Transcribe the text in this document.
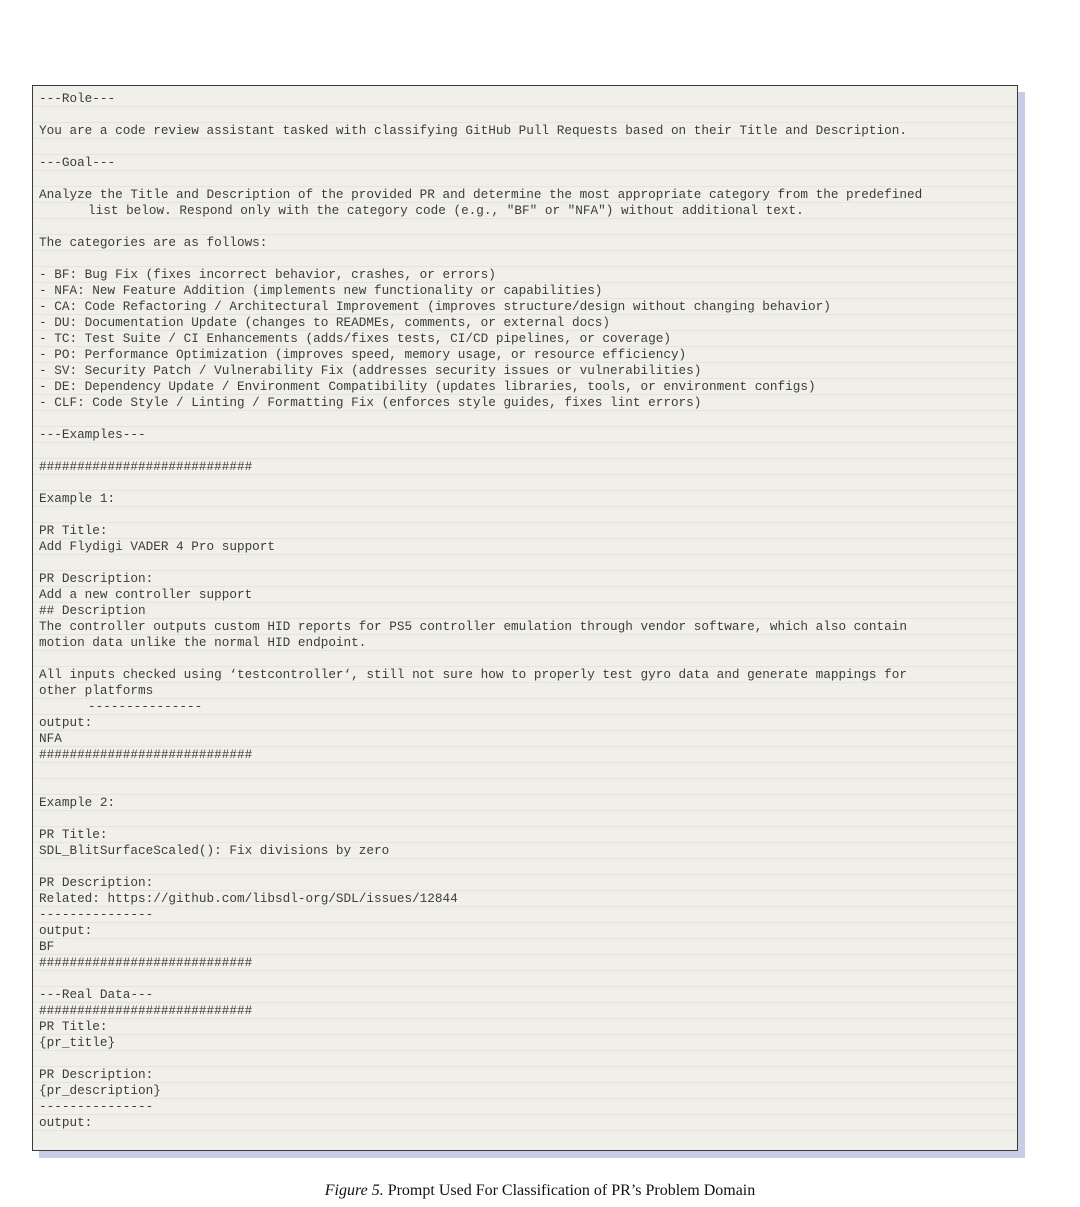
---Role---
You are a code review assistant tasked with classifying GitHub Pull Requests based on their Title and Description.
---Goal---
Analyze the Title and Description of the provided PR and determine the most appropriate category from the predefined
list below. Respond only with the category code (e.g., "BF" or "NFA") without additional text.
The categories are as follows:
- BF: Bug Fix (fixes incorrect behavior, crashes, or errors)
- NFA: New Feature Addition (implements new functionality or capabilities)
- CA: Code Refactoring / Architectural Improvement (improves structure/design without changing behavior)
- DU: Documentation Update (changes to READMEs, comments, or external docs)
- TC: Test Suite / CI Enhancements (adds/fixes tests, CI/CD pipelines, or coverage)
- PO: Performance Optimization (improves speed, memory usage, or resource efficiency)
- SV: Security Patch / Vulnerability Fix (addresses security issues or vulnerabilities)
- DE: Dependency Update / Environment Compatibility (updates libraries, tools, or environment configs)
- CLF: Code Style / Linting / Formatting Fix (enforces style guides, fixes lint errors)
---Examples---
############################
Example 1:
PR Title:
Add Flydigi VADER 4 Pro support
PR Description:
Add a new controller support
## Description
The controller outputs custom HID reports for PS5 controller emulation through vendor software, which also contain
motion data unlike the normal HID endpoint.
All inputs checked using ‘testcontroller‘, still not sure how to properly test gyro data and generate mappings for
other platforms
---------------
output:
NFA
############################
Example 2:
PR Title:
SDL_BlitSurfaceScaled(): Fix divisions by zero
PR Description:
Related: https://github.com/libsdl-org/SDL/issues/12844
---------------
output:
BF
############################
---Real Data---
############################
PR Title:
{pr_title}
PR Description:
{pr_description}
---------------
output:
Figure 5. Prompt Used For Classification of PR’s Problem Domain
